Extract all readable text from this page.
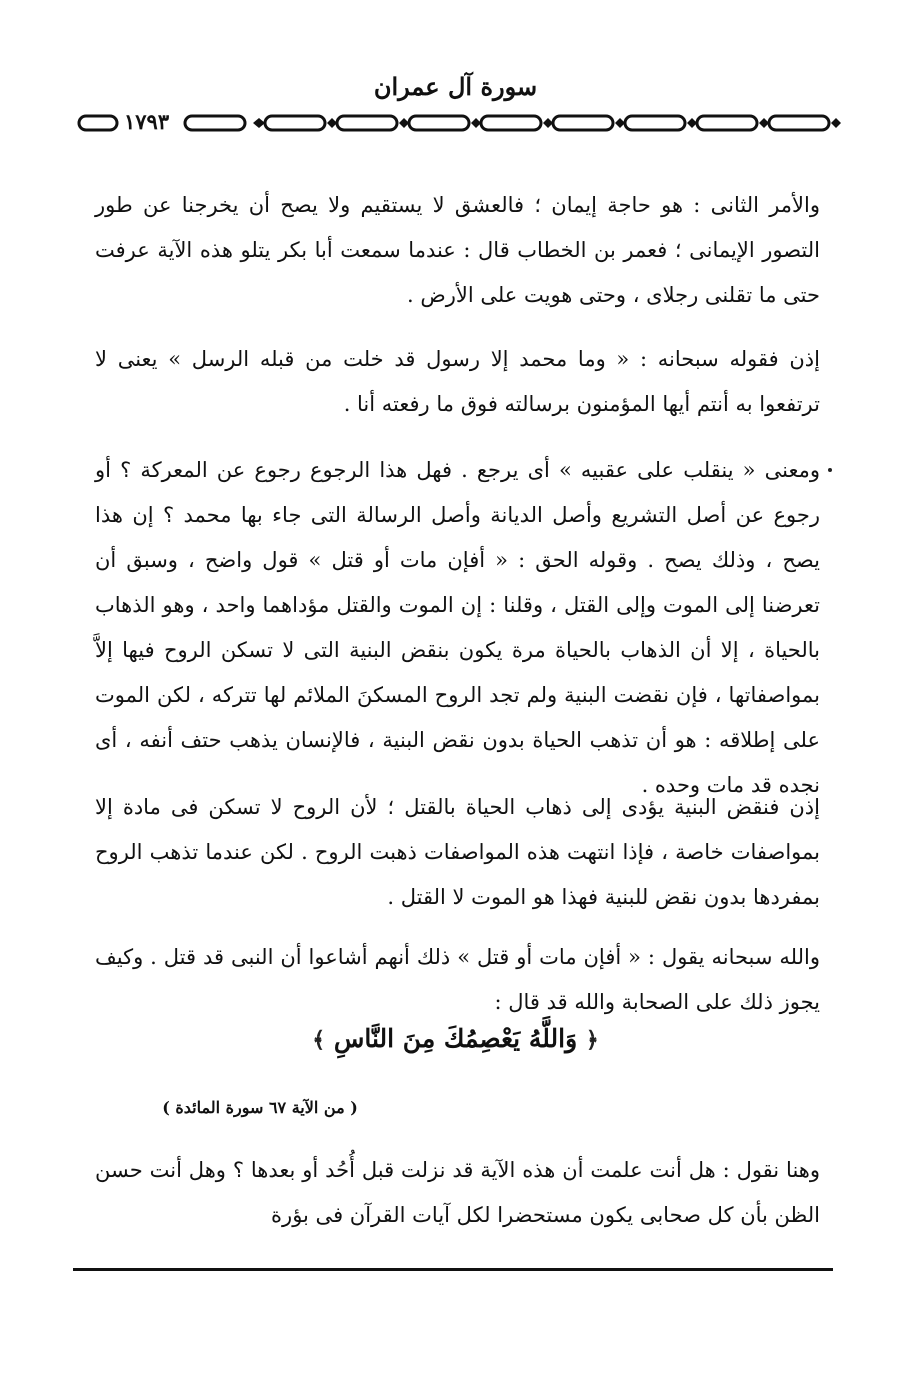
سورة آل عمران
١٧٩٣
والأمر الثانى : هو حاجة إيمان ؛ فالعشق لا يستقيم ولا يصح أن يخرجنا عن طور التصور الإيمانى ؛ فعمر بن الخطاب قال : عندما سمعت أبا بكر يتلو هذه الآية عرفت حتى ما تقلنى رجلاى ، وحتى هويت على الأرض .
إذن فقوله سبحانه : « وما محمد إلا رسول قد خلت من قبله الرسل » يعنى لا ترتفعوا به أنتم أيها المؤمنون برسالته فوق ما رفعته أنا .
ومعنى « ينقلب على عقبيه » أى يرجع . فهل هذا الرجوع رجوع عن المعركة ؟ أو رجوع عن أصل التشريع وأصل الديانة وأصل الرسالة التى جاء بها محمد ؟ إن هذا يصح ، وذلك يصح . وقوله الحق : « أفإن مات أو قتل » قول واضح ، وسبق أن تعرضنا إلى الموت وإلى القتل ، وقلنا : إن الموت والقتل مؤداهما واحد ، وهو الذهاب بالحياة ، إلا أن الذهاب بالحياة مرة يكون بنقض البنية التى لا تسكن الروح فيها إلاَّ بمواصفاتها ، فإن نقضت البنية ولم تجد الروح المسكنَ الملائم لها تتركه ، لكن الموت على إطلاقه : هو أن تذهب الحياة بدون نقض البنية ، فالإنسان يذهب حتف أنفه ، أى نجده قد مات وحده .
إذن فنقض البنية يؤدى إلى ذهاب الحياة بالقتل ؛ لأن الروح لا تسكن فى مادة إلا بمواصفات خاصة ، فإذا انتهت هذه المواصفات ذهبت الروح . لكن عندما تذهب الروح بمفردها بدون نقض للبنية فهذا هو الموت لا القتل .
والله سبحانه يقول : « أفإن مات أو قتل » ذلك أنهم أشاعوا أن النبى قد قتل . وكيف يجوز ذلك على الصحابة والله قد قال :
﴿ وَاللَّهُ يَعْصِمُكَ مِنَ النَّاسِ ﴾
( من الآية ٦٧ سورة المائدة )
وهنا نقول : هل أنت علمت أن هذه الآية قد نزلت قبل أُحُد أو بعدها ؟ وهل أنت حسن الظن بأن كل صحابى يكون مستحضرا لكل آيات القرآن فى بؤرة
